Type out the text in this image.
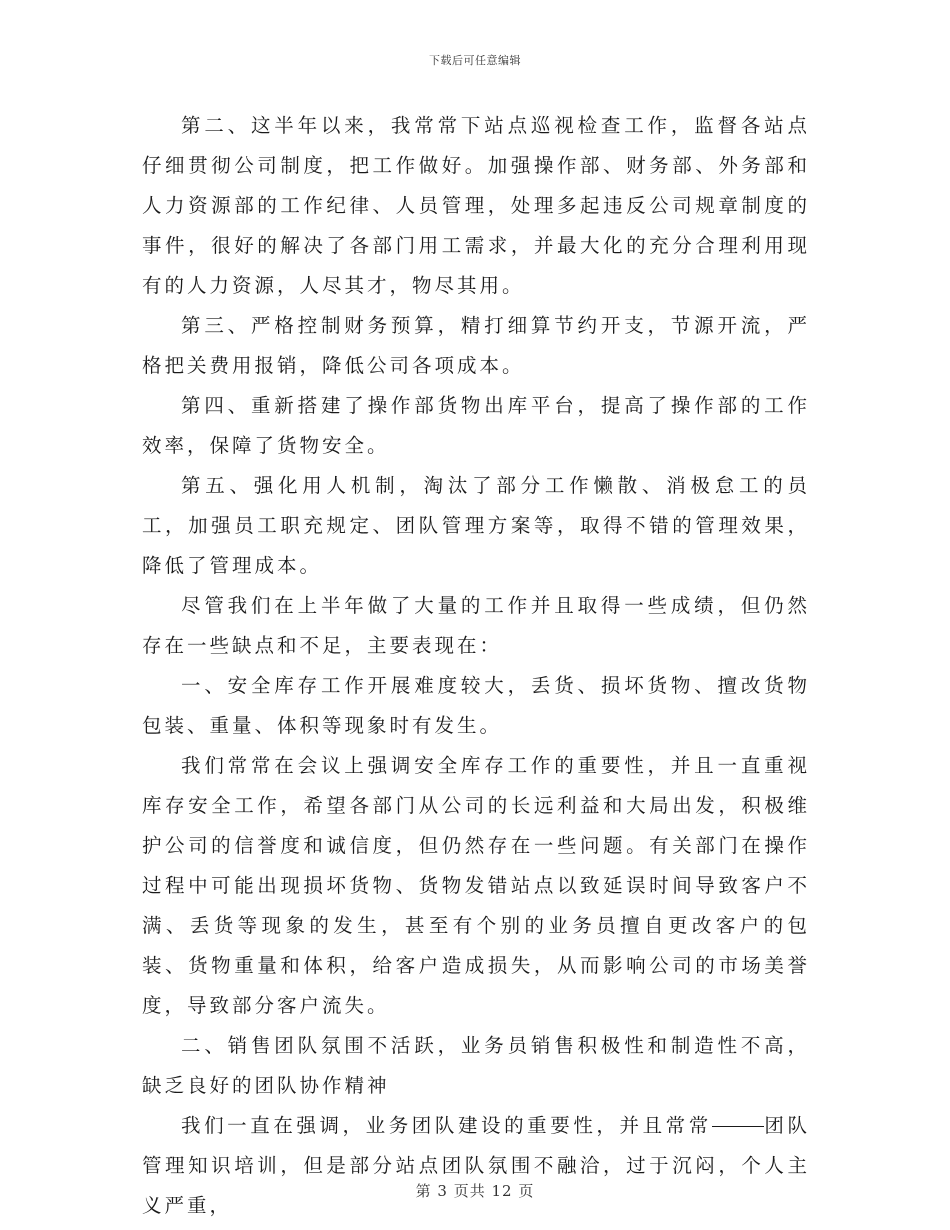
下载后可任意编辑

第二、这半年以来，我常常下站点巡视检查工作，监督各站点仔细贯彻公司制度，把工作做好。加强操作部、财务部、外务部和人力资源部的工作纪律、人员管理，处理多起违反公司规章制度的事件，很好的解决了各部门用工需求，并最大化的充分合理利用现有的人力资源，人尽其才，物尽其用。

第三、严格控制财务预算，精打细算节约开支，节源开流，严格把关费用报销，降低公司各项成本。

第四、重新搭建了操作部货物出库平台，提高了操作部的工作效率，保障了货物安全。

第五、强化用人机制，淘汰了部分工作懒散、消极怠工的员工，加强员工职充规定、团队管理方案等，取得不错的管理效果，降低了管理成本。

尽管我们在上半年做了大量的工作并且取得一些成绩，但仍然存在一些缺点和不足，主要表现在：

一、安全库存工作开展难度较大，丢货、损坏货物、擅改货物包装、重量、体积等现象时有发生。

我们常常在会议上强调安全库存工作的重要性，并且一直重视库存安全工作，希望各部门从公司的长远利益和大局出发，积极维护公司的信誉度和诚信度，但仍然存在一些问题。有关部门在操作过程中可能出现损坏货物、货物发错站点以致延误时间导致客户不满、丢货等现象的发生，甚至有个别的业务员擅自更改客户的包装、货物重量和体积，给客户造成损失，从而影响公司的市场美誉度，导致部分客户流失。

二、销售团队氛围不活跃，业务员销售积极性和制造性不高，缺乏良好的团队协作精神

我们一直在强调，业务团队建设的重要性，并且常常	团队管理知识培训，但是部分站点团队氛围不融洽，过于沉闷，个人主义严重，

第 3 页共 12 页
